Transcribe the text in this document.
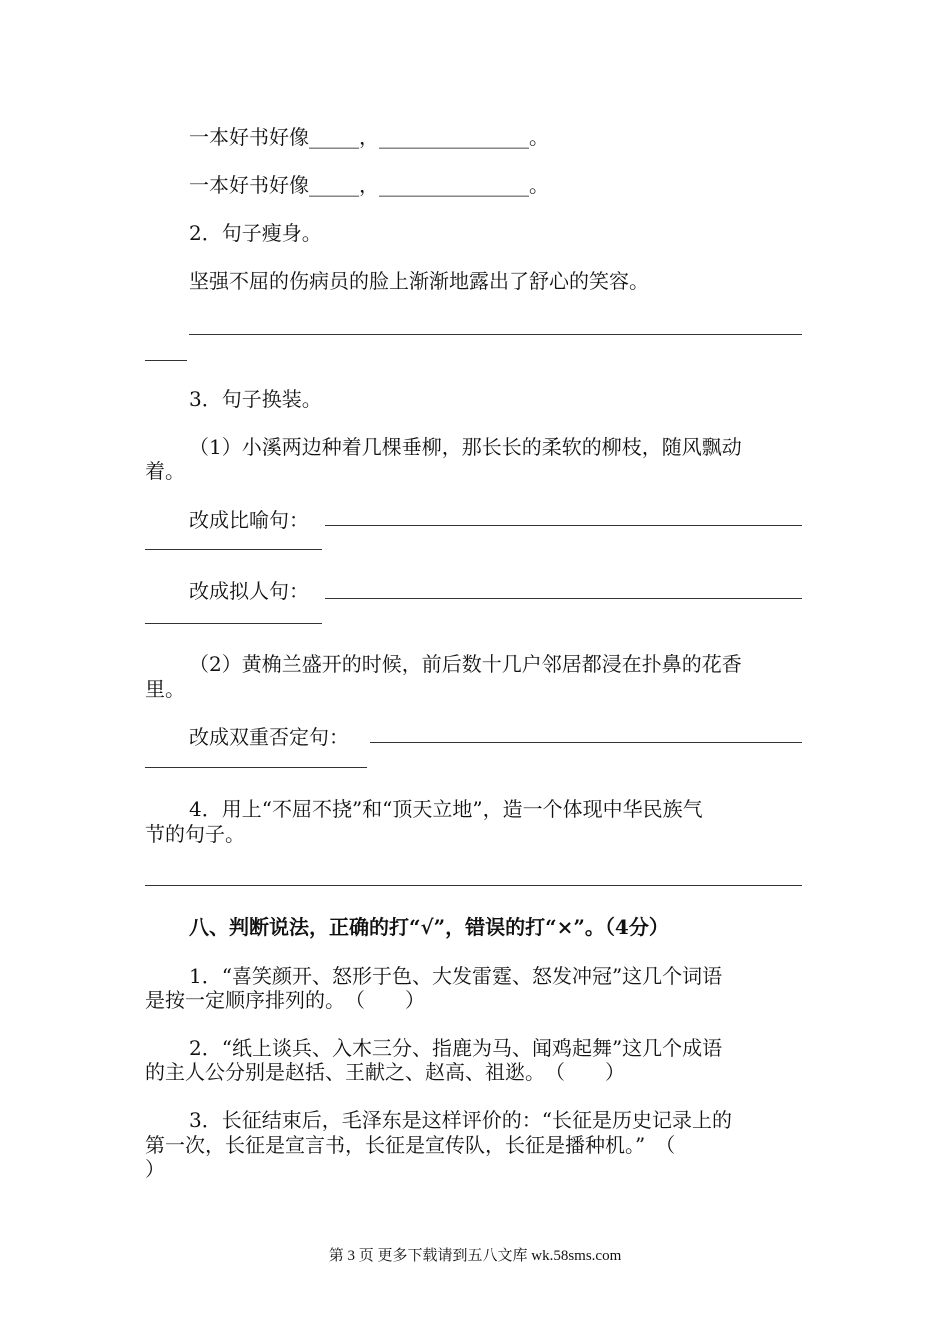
一本好书好像_____，_______________。
一本好书好像_____，_______________。
2．句子瘦身。
坚强不屈的伤病员的脸上渐渐地露出了舒心的笑容。
3．句子换装。
（1）小溪两边种着几棵垂柳，那长长的柔软的柳枝，随风飘动
着。
改成比喻句：
改成拟人句：
（2）黄桷兰盛开的时候，前后数十几户邻居都浸在扑鼻的花香
里。
改成双重否定句：
4．用上“不屈不挠”和“顶天立地”，造一个体现中华民族气
节的句子。
八、判断说法，正确的打“√”，错误的打“×”。（4分）
1．“喜笑颜开、怒形于色、大发雷霆、怒发冲冠”这几个词语
是按一定顺序排列的。　（　　）
2．“纸上谈兵、入木三分、指鹿为马、闻鸡起舞”这几个成语
的主人公分别是赵括、王献之、赵高、祖逖。　（　　）
3．长征结束后，毛泽东是这样评价的：“长征是历史记录上的
第一次，长征是宣言书，长征是宣传队，长征是播种机。”　（
）
第 3 页 更多下载请到五八文库 wk.58sms.com
